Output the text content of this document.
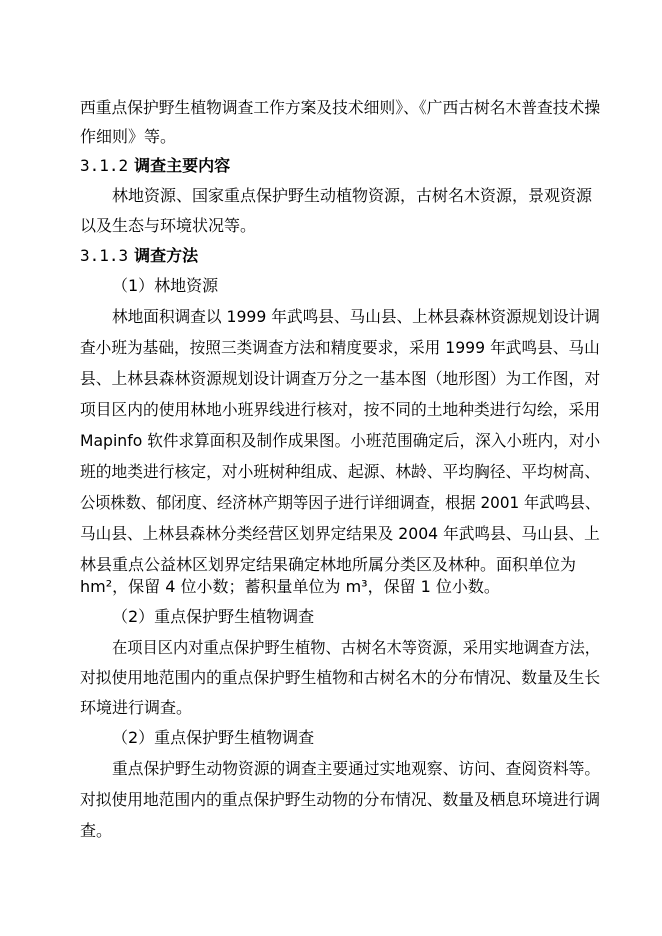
西重点保护野生植物调查工作方案及技术细则》、《广西古树名木普查技术操
作细则》等。
3.1.2 调查主要内容
林地资源、国家重点保护野生动植物资源，古树名木资源，景观资源
以及生态与环境状况等。
3.1.3 调查方法
（1）林地资源
林地面积调查以 1999 年武鸣县、马山县、上林县森林资源规划设计调
查小班为基础，按照三类调查方法和精度要求，采用 1999 年武鸣县、马山
县、上林县森林资源规划设计调查万分之一基本图（地形图）为工作图，对
项目区内的使用林地小班界线进行核对，按不同的土地种类进行勾绘，采用
Mapinfo 软件求算面积及制作成果图。小班范围确定后，深入小班内，对小
班的地类进行核定，对小班树种组成、起源、林龄、平均胸径、平均树高、
公顷株数、郁闭度、经济林产期等因子进行详细调查，根据 2001 年武鸣县、
马山县、上林县森林分类经营区划界定结果及 2004 年武鸣县、马山县、上
林县重点公益林区划界定结果确定林地所属分类区及林种。面积单位为
hm²，保留 4 位小数；蓄积量单位为 m³，保留 1 位小数。
（2）重点保护野生植物调查
在项目区内对重点保护野生植物、古树名木等资源，采用实地调查方法，
对拟使用地范围内的重点保护野生植物和古树名木的分布情况、数量及生长
环境进行调查。
（2）重点保护野生植物调查
重点保护野生动物资源的调查主要通过实地观察、访问、查阅资料等。
对拟使用地范围内的重点保护野生动物的分布情况、数量及栖息环境进行调
查。
